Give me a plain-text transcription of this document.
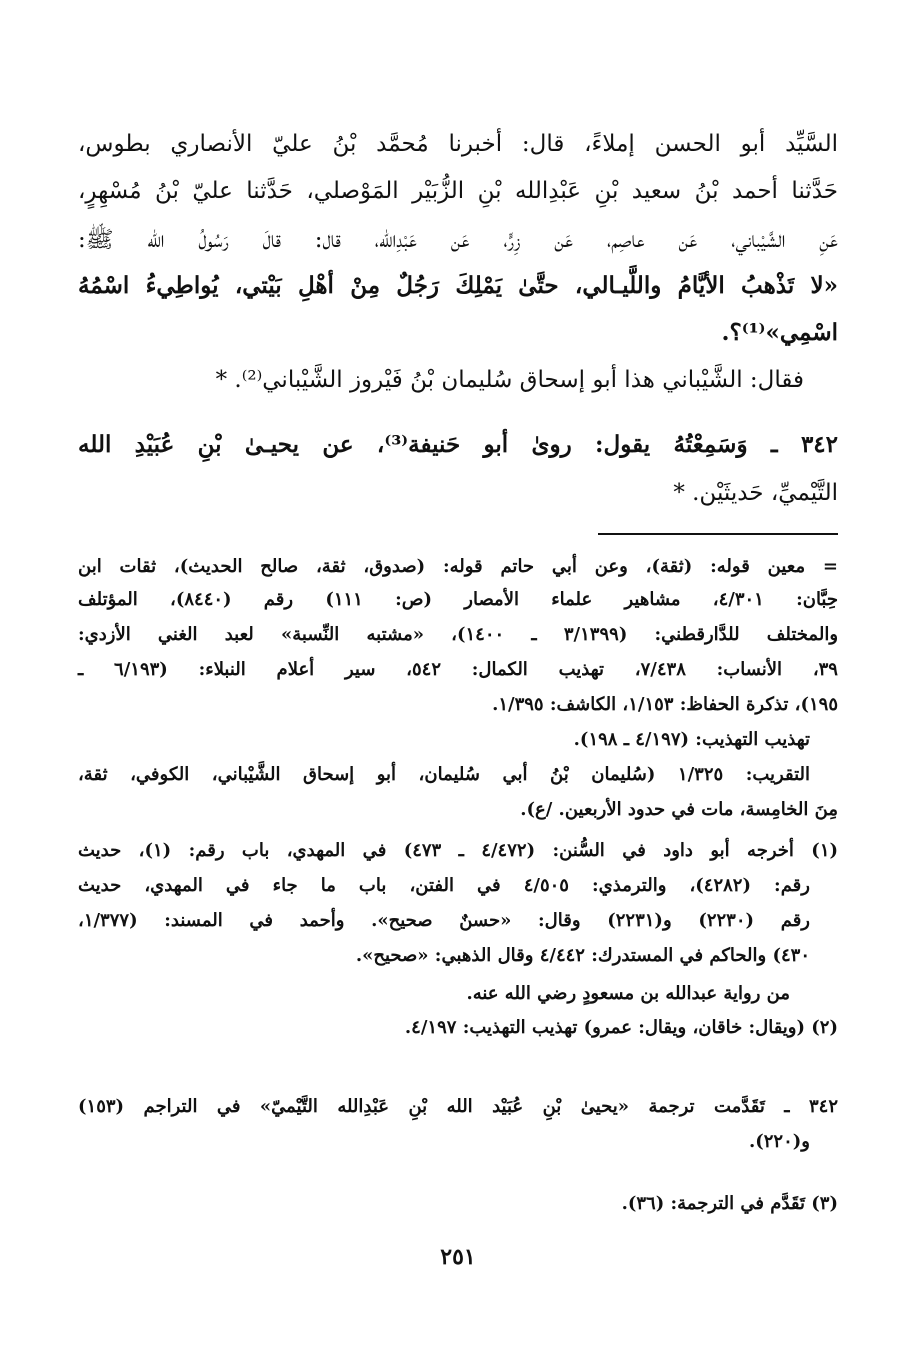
السَّيِّد أبو الحسن إملاءً، قال: أخبرنا مُحمَّد بْنُ عليّ الأنصاري بطوس،
حَدَّثنا أحمد بْنُ سعيد بْنِ عَبْدِالله بْنِ الزُّبَيْر المَوْصلي، حَدَّثنا عليّ بْنُ مُسْهِرٍ،
عَنِ الشَّيْباني، عَن عاصِم، عَن زِرٍّ، عَن عَبْدِالله، قال: قالَ رَسُولُ الله ﷺ:
«لا تَذْهبُ الأيَّامُ واللَّيـالي، حتَّىٰ يَمْلِكَ رَجُلٌ مِنْ أهْلِ بَيْتي، يُواطِيءُ اسْمُهُ
اسْمِي»⁽¹⁾؟.
فقال: الشَّيْباني هذا أبو إسحاق سُليمان بْنُ فَيْروز الشَّيْباني⁽²⁾. *
٣٤٢ ـ وَسَمِعْتُهُ يقول: روىٰ أبو حَنيفة⁽³⁾، عن يحيـىٰ بْنِ عُبَيْدِ الله
التَّيْميِّ، حَديثَيْن. *
= معين قوله: (ثقة)، وعن أبي حاتم قوله: (صدوق، ثقة، صالح الحديث)، ثقات ابن
حِبَّان: ٤/٣٠١، مشاهير علماء الأمصار (ص: ١١١) رقم (٨٤٤٠)، المؤتلف
والمختلف للدَّارقطني: (٣/١٣٩٩ ـ ١٤٠٠)، «مشتبه النِّسبة» لعبد الغني الأزدي:
٣٩، الأنساب: ٧/٤٣٨، تهذيب الكمال: ٥٤٢، سير أعلام النبلاء: (٦/١٩٣ ـ
١٩٥)، تذكرة الحفاظ: ١/١٥٣، الكاشف: ١/٣٩٥.
تهذيب التهذيب: (٤/١٩٧ ـ ١٩٨).
التقريب: ١/٣٢٥ (سُليمان بْنُ أبي سُليمان، أبو إسحاق الشَّيْباني، الكوفي، ثقة،
مِنَ الخامِسة، مات في حدود الأربعين. /ع).
(١) أخرجه أبو داود في السُّنن: (٤/٤٧٢ ـ ٤٧٣) في المهدي، باب رقم: (١)، حديث
رقم: (٤٢٨٢)، والترمذي: ٤/٥٠٥ في الفتن، باب ما جاء في المهدي، حديث
رقم (٢٢٣٠) و(٢٢٣١) وقال: «حسنٌ صحيح». وأحمد في المسند: (١/٣٧٧،
٤٣٠) والحاكم في المستدرك: ٤/٤٤٢ وقال الذهبي: «صحيح».
من رواية عبدالله بن مسعودٍ رضي الله عنه.
(٢) (ويقال: خاقان، ويقال: عمرو) تهذيب التهذيب: ٤/١٩٧.
٣٤٢ ـ تَقَدَّمت ترجمة «يحيىٰ بْنِ عُبَيْد الله بْنِ عَبْدِالله التَّيْميّ» في التراجم (١٥٣)
و(٢٢٠).
(٣) تَقَدَّم في الترجمة: (٣٦).
٢٥١
